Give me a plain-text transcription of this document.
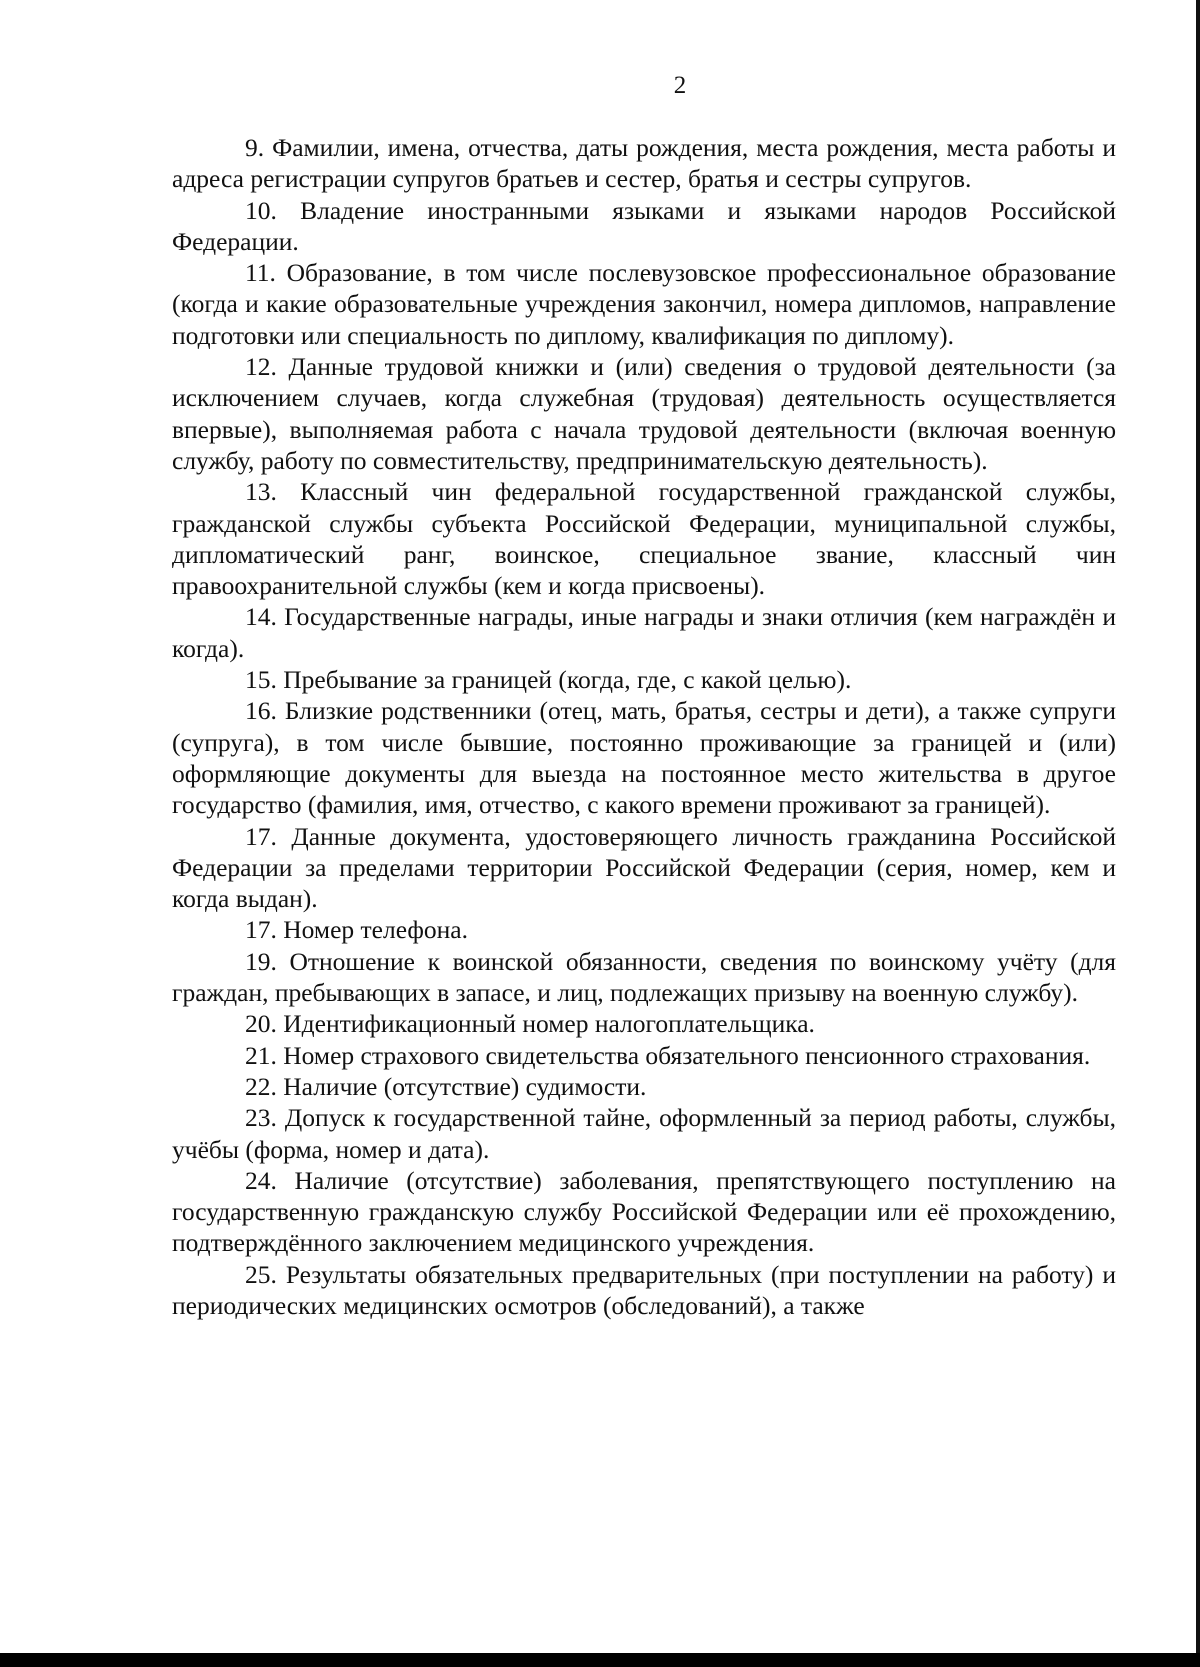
2

9. Фамилии, имена, отчества, даты рождения, места рождения, места работы и адреса регистрации супругов братьев и сестер, братья и сестры супругов.

10. Владение иностранными языками и языками народов Российской Федерации.

11. Образование, в том числе послевузовское профессиональное образование (когда и какие образовательные учреждения закончил, номера дипломов, направление подготовки или специальность по диплому, квалификация по диплому).

12. Данные трудовой книжки и (или) сведения о трудовой деятельности (за исключением случаев, когда служебная (трудовая) деятельность осуществляется впервые), выполняемая работа с начала трудовой деятельности (включая военную службу, работу по совместительству, предпринимательскую деятельность).

13. Классный чин федеральной государственной гражданской службы, гражданской службы субъекта Российской Федерации, муниципальной службы, дипломатический ранг, воинское, специальное звание, классный чин правоохранительной службы (кем и когда присвоены).

14. Государственные награды, иные награды и знаки отличия (кем награждён и когда).

15. Пребывание за границей (когда, где, с какой целью).

16. Близкие родственники (отец, мать, братья, сестры и дети), а также супруги (супруга), в том числе бывшие, постоянно проживающие за границей и (или) оформляющие документы для выезда на постоянное место жительства в другое государство (фамилия, имя, отчество, с какого времени проживают за границей).

17. Данные документа, удостоверяющего личность гражданина Российской Федерации за пределами территории Российской Федерации (серия, номер, кем и когда выдан).

17. Номер телефона.

19. Отношение к воинской обязанности, сведения по воинскому учёту (для граждан, пребывающих в запасе, и лиц, подлежащих призыву на военную службу).

20. Идентификационный номер налогоплательщика.

21. Номер страхового свидетельства обязательного пенсионного страхования.

22. Наличие (отсутствие) судимости.

23. Допуск к государственной тайне, оформленный за период работы, службы, учёбы (форма, номер и дата).

24. Наличие (отсутствие) заболевания, препятствующего поступлению на государственную гражданскую службу Российской Федерации или её прохождению, подтверждённого заключением медицинского учреждения.

25. Результаты обязательных предварительных (при поступлении на работу) и периодических медицинских осмотров (обследований), а также
